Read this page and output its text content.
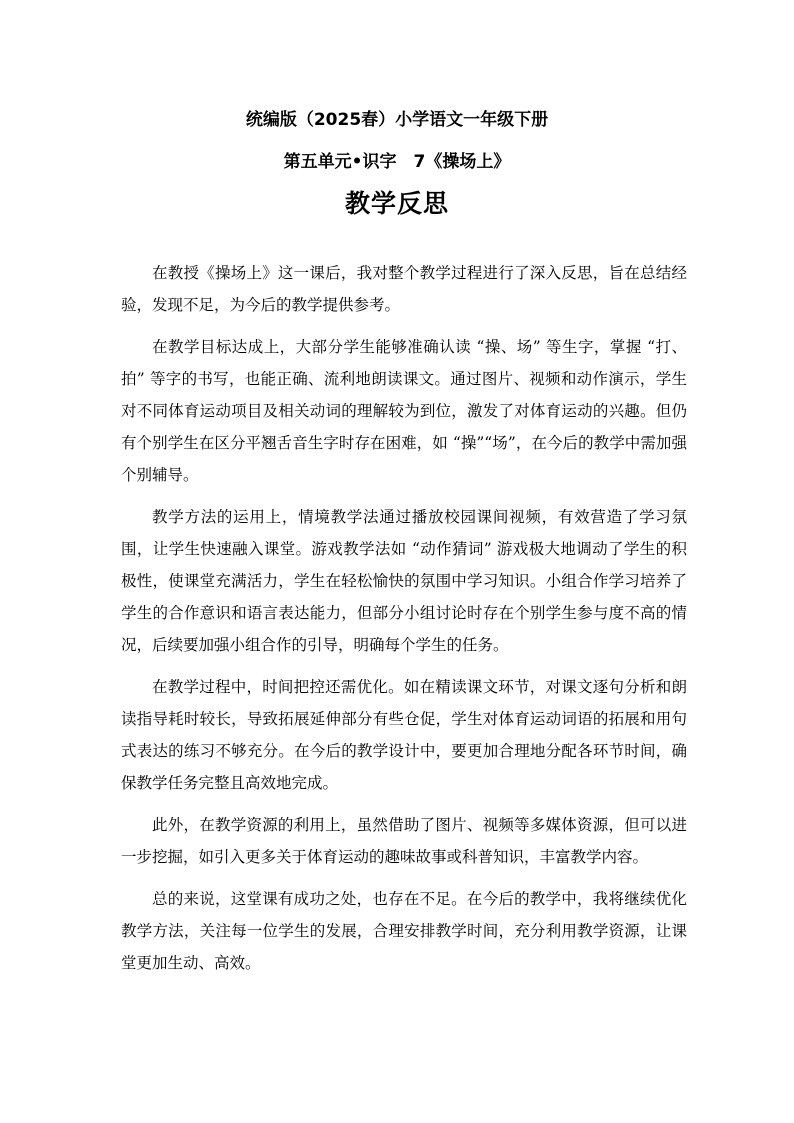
统编版（2025春）小学语文一年级下册
第五单元•识字　7《操场上》
教学反思

在教授《操场上》这一课后，我对整个教学过程进行了深入反思，旨在总结经验，发现不足，为今后的教学提供参考。

在教学目标达成上，大部分学生能够准确认读 “操、场” 等生字，掌握 “打、拍” 等字的书写，也能正确、流利地朗读课文。通过图片、视频和动作演示，学生对不同体育运动项目及相关动词的理解较为到位，激发了对体育运动的兴趣。但仍有个别学生在区分平翘舌音生字时存在困难，如 “操”“场”，在今后的教学中需加强个别辅导。

教学方法的运用上，情境教学法通过播放校园课间视频，有效营造了学习氛围，让学生快速融入课堂。游戏教学法如 “动作猜词” 游戏极大地调动了学生的积极性，使课堂充满活力，学生在轻松愉快的氛围中学习知识。小组合作学习培养了学生的合作意识和语言表达能力，但部分小组讨论时存在个别学生参与度不高的情况，后续要加强小组合作的引导，明确每个学生的任务。

在教学过程中，时间把控还需优化。如在精读课文环节，对课文逐句分析和朗读指导耗时较长，导致拓展延伸部分有些仓促，学生对体育运动词语的拓展和用句式表达的练习不够充分。在今后的教学设计中，要更加合理地分配各环节时间，确保教学任务完整且高效地完成。

此外，在教学资源的利用上，虽然借助了图片、视频等多媒体资源，但可以进一步挖掘，如引入更多关于体育运动的趣味故事或科普知识，丰富教学内容。

总的来说，这堂课有成功之处，也存在不足。在今后的教学中，我将继续优化教学方法，关注每一位学生的发展，合理安排教学时间，充分利用教学资源，让课堂更加生动、高效。
